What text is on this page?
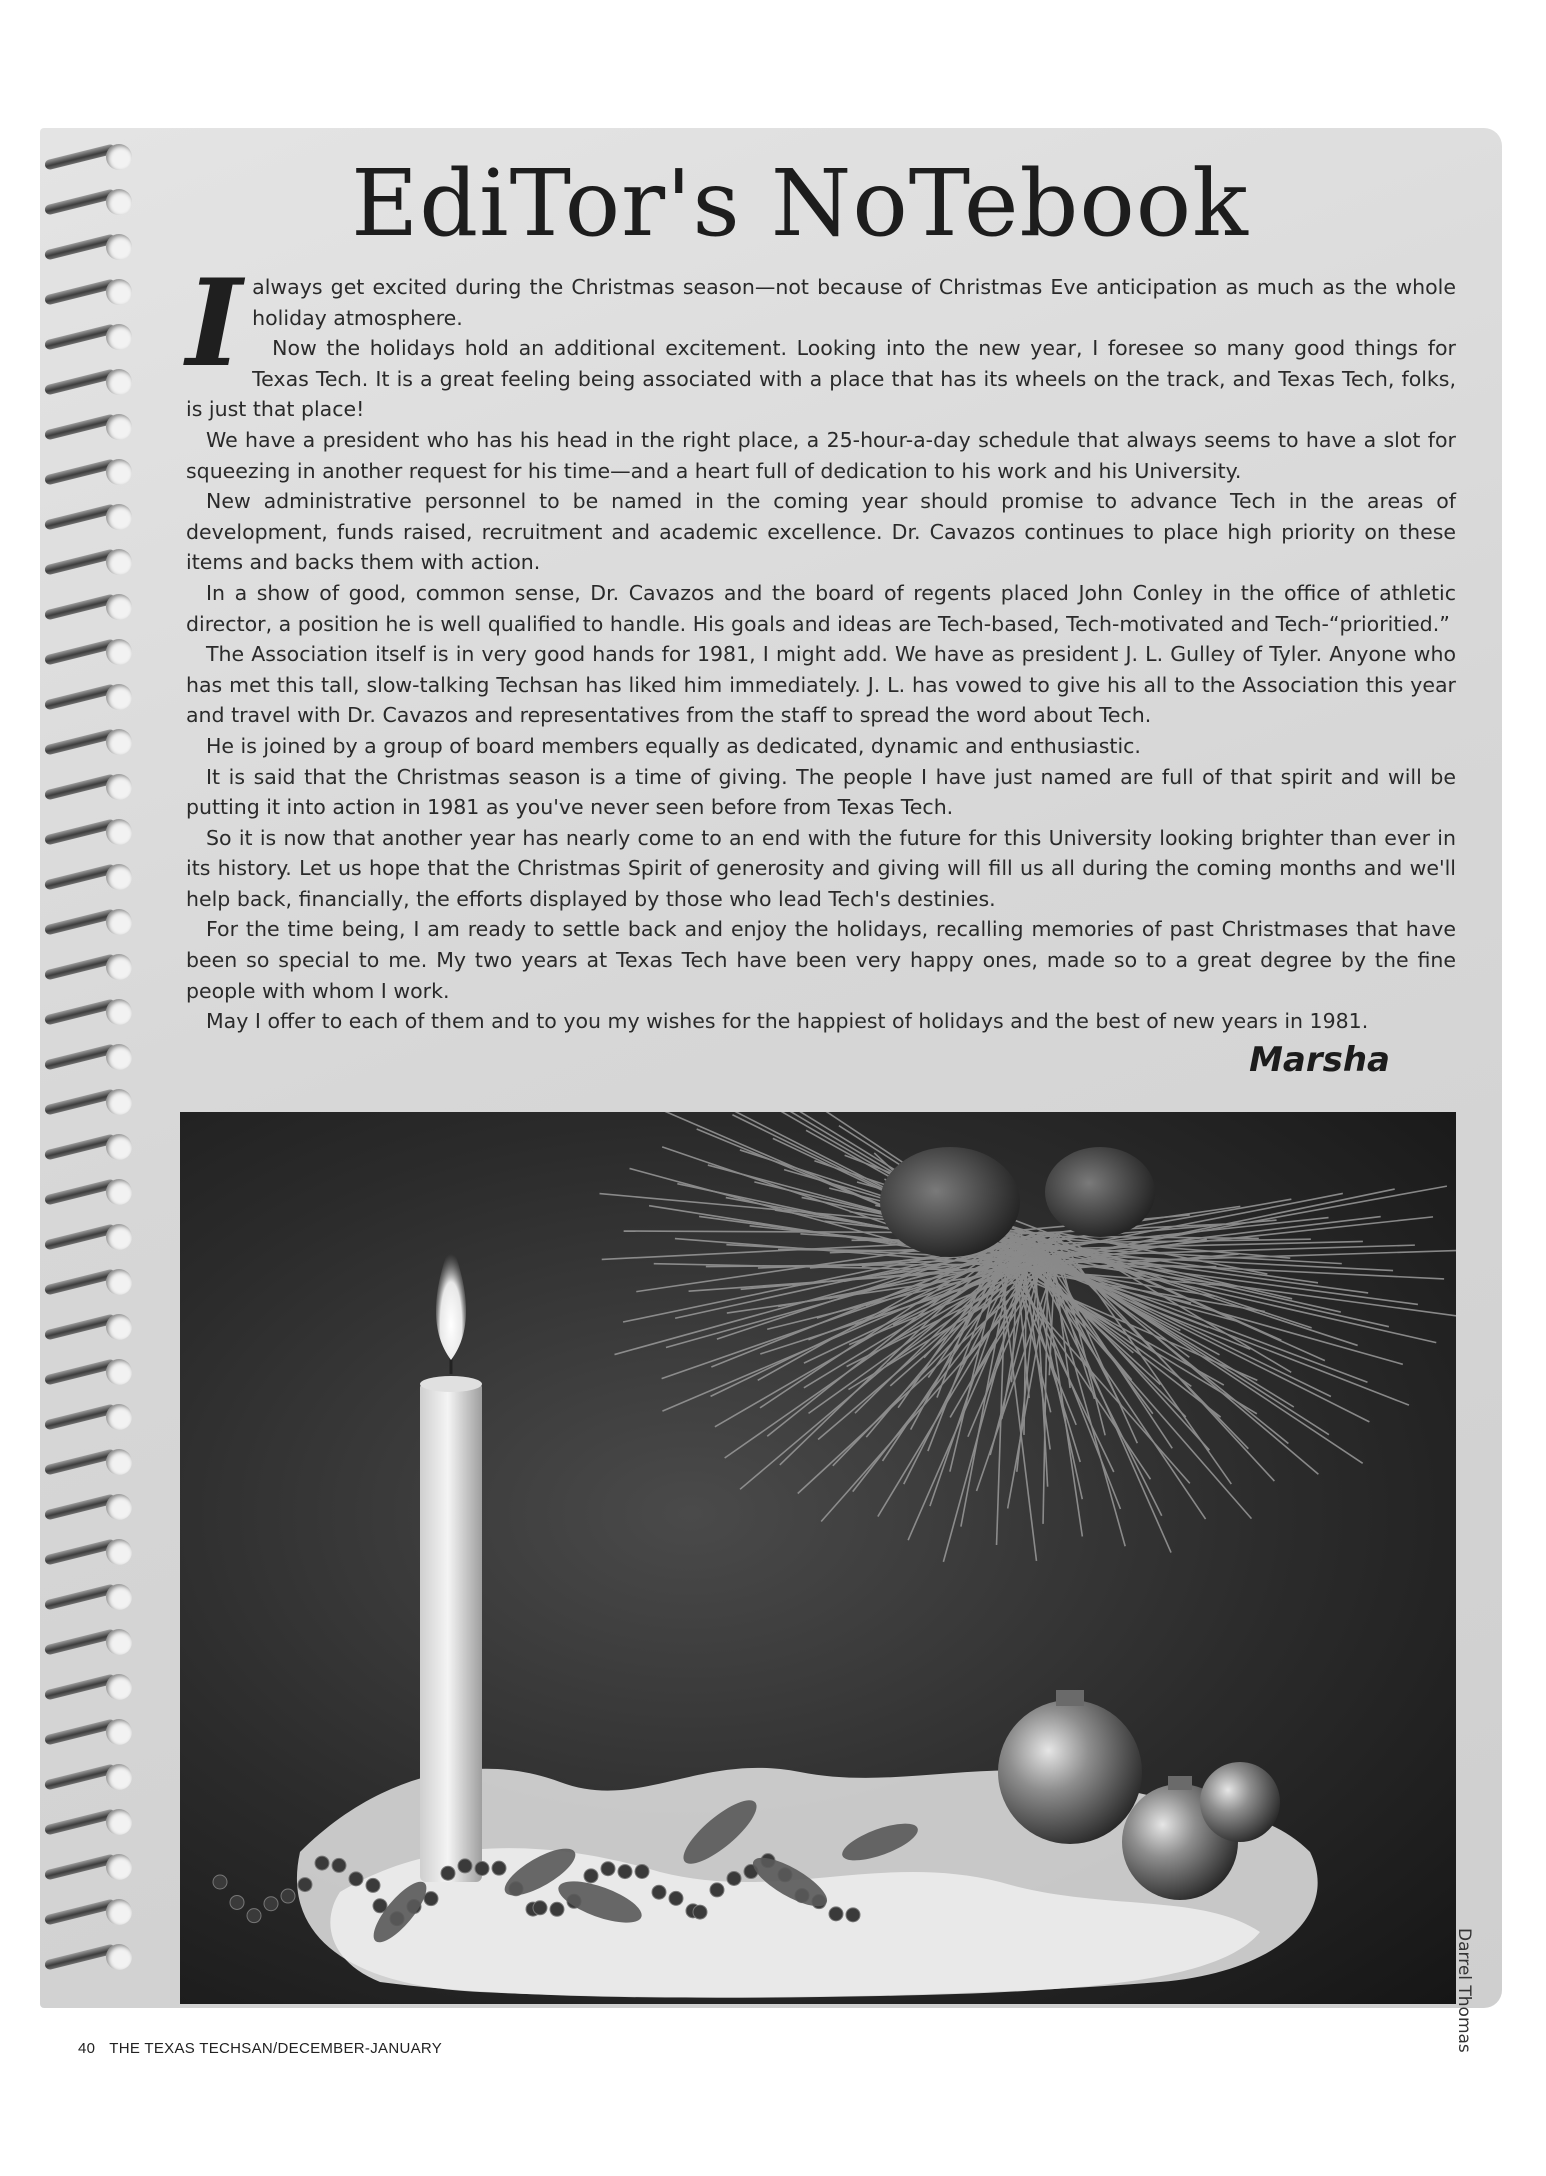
EdiTor's NoTebook

Ialways get excited during the Christmas season—not because of Christmas Eve anticipation as much as the whole holiday atmosphere.

Now the holidays hold an additional excitement. Looking into the new year, I foresee so many good things for Texas Tech. It is a great feeling being associated with a place that has its wheels on the track, and Texas Tech, folks, is just that place!

We have a president who has his head in the right place, a 25-hour-a-day schedule that always seems to have a slot for squeezing in another request for his time—and a heart full of dedication to his work and his University.

New administrative personnel to be named in the coming year should promise to advance Tech in the areas of development, funds raised, recruitment and academic excellence. Dr. Cavazos continues to place high priority on these items and backs them with action.

In a show of good, common sense, Dr. Cavazos and the board of regents placed John Conley in the office of athletic director, a position he is well qualified to handle. His goals and ideas are Tech-based, Tech-motivated and Tech-“prioritied.”

The Association itself is in very good hands for 1981, I might add. We have as president J. L. Gulley of Tyler. Anyone who has met this tall, slow-talking Techsan has liked him immediately. J. L. has vowed to give his all to the Association this year and travel with Dr. Cavazos and representatives from the staff to spread the word about Tech.

He is joined by a group of board members equally as dedicated, dynamic and enthusiastic.

It is said that the Christmas season is a time of giving. The people I have just named are full of that spirit and will be putting it into action in 1981 as you've never seen before from Texas Tech.

So it is now that another year has nearly come to an end with the future for this University looking brighter than ever in its history. Let us hope that the Christmas Spirit of generosity and giving will fill us all during the coming months and we'll help back, financially, the efforts displayed by those who lead Tech's destinies.

For the time being, I am ready to settle back and enjoy the holidays, recalling memories of past Christmases that have been so special to me. My two years at Texas Tech have been very happy ones, made so to a great degree by the fine people with whom I work.

May I offer to each of them and to you my wishes for the happiest of holidays and the best of new years in 1981.

Marsha
Darrel Thomas
40 THE TEXAS TECHSAN/DECEMBER-JANUARY
